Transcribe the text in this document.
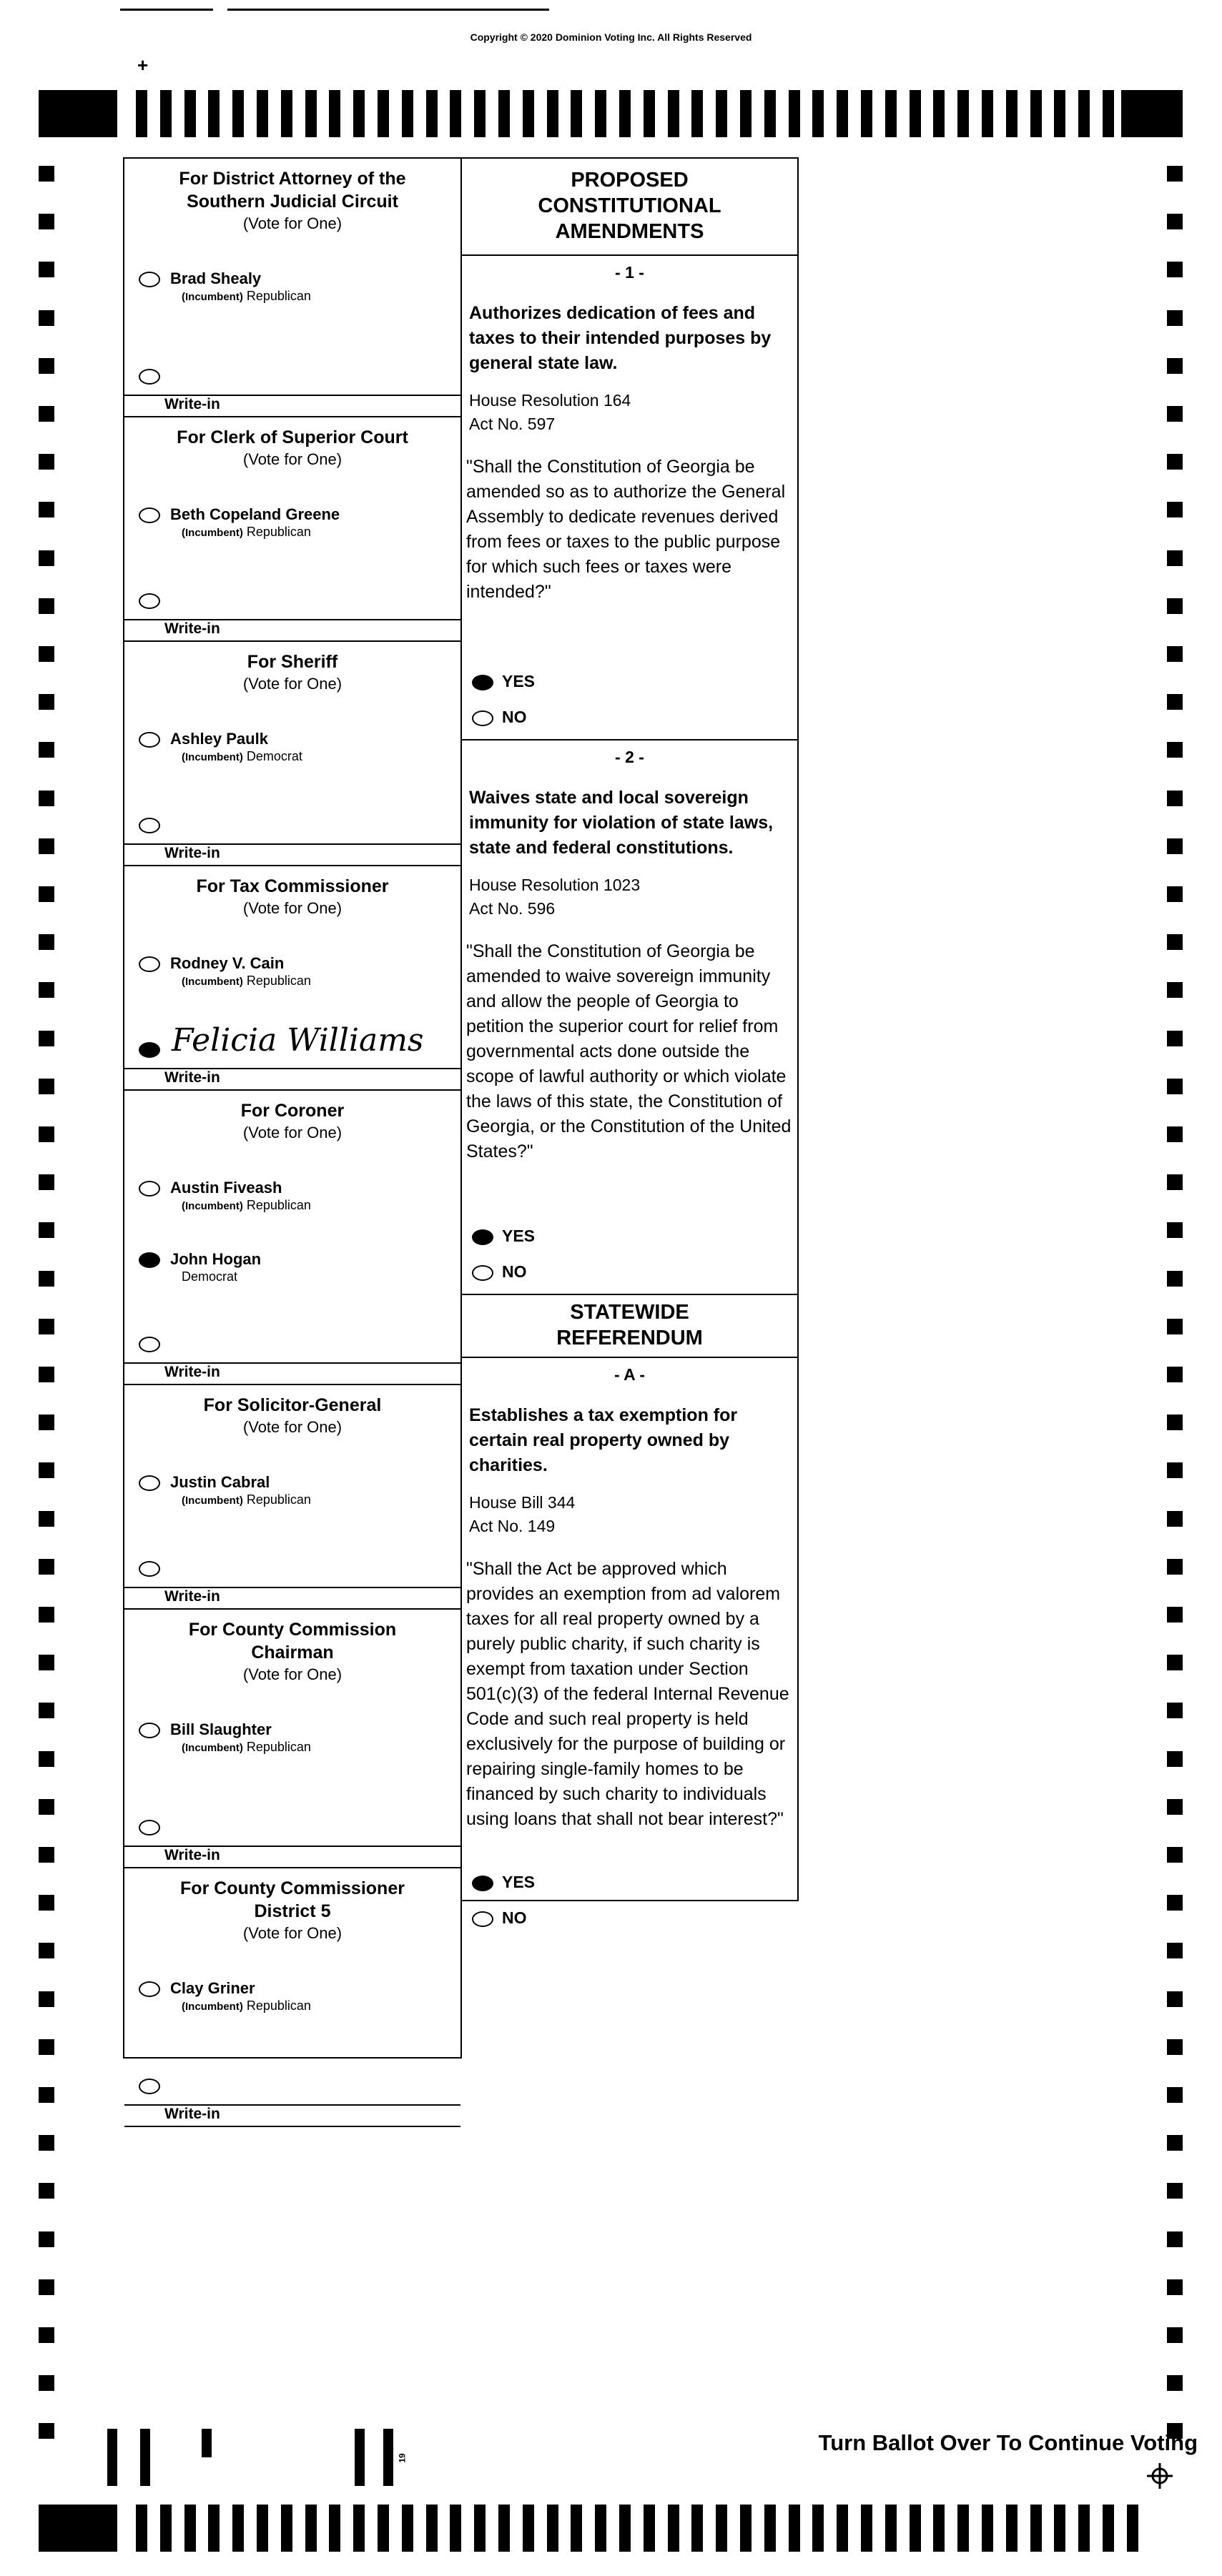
Copyright © 2020 Dominion Voting Inc. All Rights Reserved
+
19
For District Attorney of the
Southern Judicial Circuit
(Vote for One)
Brad Shealy
(Incumbent) Republican
Write-in
For Clerk of Superior Court
(Vote for One)
Beth Copeland Greene
(Incumbent) Republican
Write-in
For Sheriff
(Vote for One)
Ashley Paulk
(Incumbent) Democrat
Write-in
For Tax Commissioner
(Vote for One)
Rodney V. Cain
(Incumbent) Republican
Felicia Williams
Write-in
For Coroner
(Vote for One)
Austin Fiveash
(Incumbent) Republican
John Hogan
Democrat
Write-in
For Solicitor-General
(Vote for One)
Justin Cabral
(Incumbent) Republican
Write-in
For County Commission
Chairman
(Vote for One)
Bill Slaughter
(Incumbent) Republican
Write-in
For County Commissioner
District 5
(Vote for One)
Clay Griner
(Incumbent) Republican
Write-in
PROPOSED
CONSTITUTIONAL
AMENDMENTS
- 1 -
Authorizes dedication of fees and taxes to their intended purposes by general state law.
House Resolution 164
Act No. 597
"Shall the Constitution of Georgia be amended so as to authorize the General Assembly to dedicate revenues derived from fees or taxes to the public purpose for which such fees or taxes were intended?"
YES
NO
- 2 -
Waives state and local sovereign immunity for violation of state laws, state and federal constitutions.
House Resolution 1023
Act No. 596
"Shall the Constitution of Georgia be amended to waive sovereign immunity and allow the people of Georgia to petition the superior court for relief from governmental acts done outside the scope of lawful authority or which violate the laws of this state, the Constitution of Georgia, or the Constitution of the United States?"
YES
NO
STATEWIDE
REFERENDUM
- A -
Establishes a tax exemption for certain real property owned by charities.
House Bill 344
Act No. 149
"Shall the Act be approved which provides an exemption from ad valorem taxes for all real property owned by a purely public charity, if such charity is exempt from taxation under Section 501(c)(3) of the federal Internal Revenue Code and such real property is held exclusively for the purpose of building or repairing single-family homes to be financed by such charity to individuals using loans that shall not bear interest?"
YES
NO
Turn Ballot Over To Continue Voting
